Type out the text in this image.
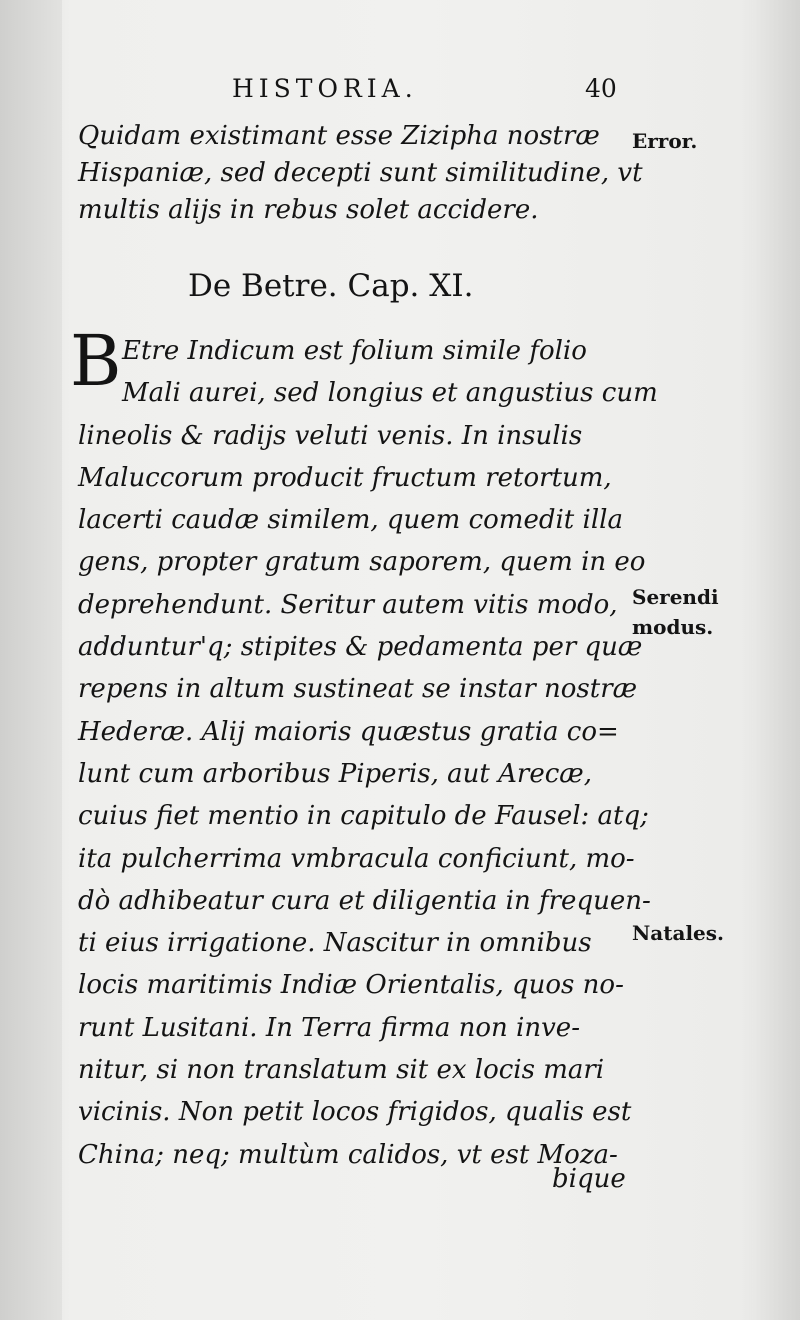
HISTORIA.	40
Quidam existimant esse Zizipha nostræ
Hispaniæ, sed decepti sunt similitudine, vt
multis alijs in rebus solet accidere.
De Betre. Cap. XI.
B Etre Indicum est folium simile folio
Mali aurei, sed longius et angustius cum
lineolis & radijs veluti venis. In insulis
Maluccorum producit fructum retortum,
lacerti caudæ similem, quem comedit illa
gens, propter gratum saporem, quem in eo
deprehendunt. Seritur autem vitis modo,
adduntur'q; stipites & pedamenta per quæ
repens in altum sustineat se instar nostræ
Hederæ. Alij maioris quæstus gratia co=
lunt cum arboribus Piperis, aut Arecæ,
cuius fiet mentio in capitulo de Fausel: atq;
ita pulcherrima vmbracula conficiunt, mo-
dò adhibeatur cura et diligentia in frequen-
ti eius irrigatione. Nascitur in omnibus
locis maritimis Indiæ Orientalis, quos no-
runt Lusitani. In Terra firma non inve-
nitur, si non translatum sit ex locis mari
vicinis. Non petit locos frigidos, qualis est
China; neq; multùm calidos, vt est Moza-
bique
Error.
Serendi
modus.
Natales.
